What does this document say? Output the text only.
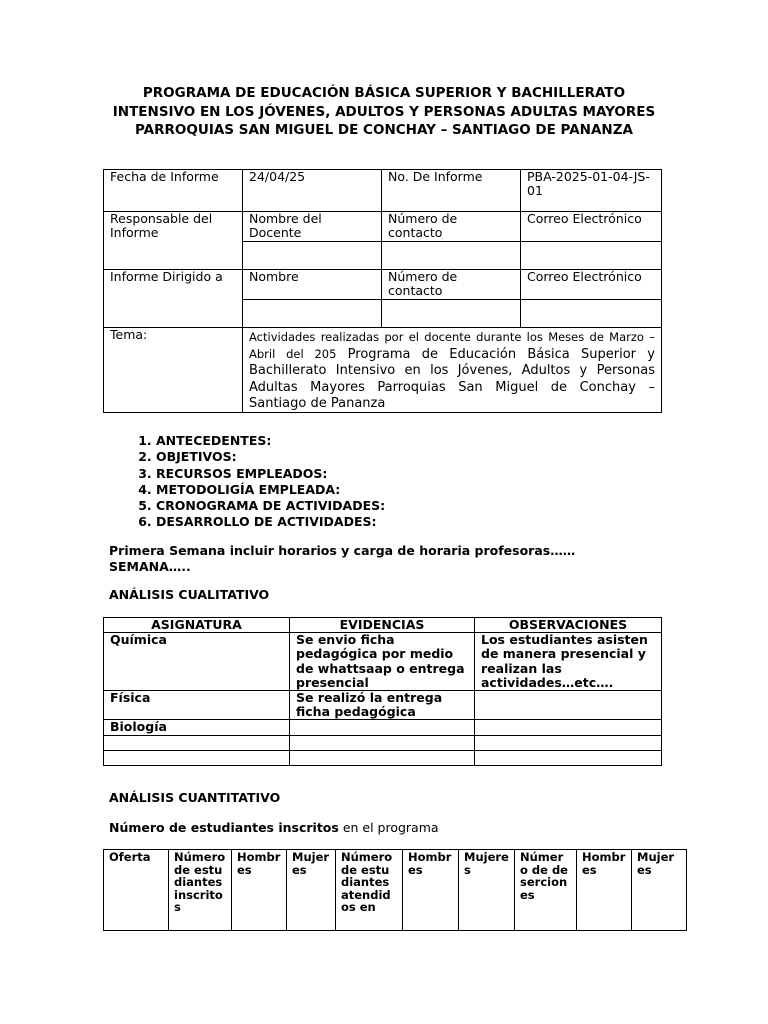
PROGRAMA DE EDUCACIÓN BÁSICA SUPERIOR Y BACHILLERATO INTENSIVO EN LOS JÓVENES, ADULTOS Y PERSONAS ADULTAS MAYORES PARROQUIAS SAN MIGUEL DE CONCHAY – SANTIAGO DE PANANZA
Fecha de Informe	24/04/25	No. De Informe	PBA-2025-01-04-JS-01
Responsable del Informe	Nombre del Docente	Número de contacto	Correo Electrónico

Informe Dirigido a	Nombre	Número de contacto	Correo Electrónico

Tema:	Actividades realizadas por el docente durante los Meses de Marzo – Abril del 205 Programa de Educación Básica Superior y Bachillerato Intensivo en los Jóvenes, Adultos y Personas Adultas Mayores Parroquias San Miguel de Conchay – Santiago de Pananza		
1. ANTECEDENTES:
2. OBJETIVOS:
3. RECURSOS EMPLEADOS:
4. METODOLIGÍA EMPLEADA:
5. CRONOGRAMA DE ACTIVIDADES:
6. DESARROLLO DE ACTIVIDADES:
Primera Semana incluir horarios y carga de horaria profesoras……
SEMANA…..
ANÁLISIS CUALITATIVO
ASIGNATURA	EVIDENCIAS	OBSERVACIONES
Química	Se envio ficha pedagógica por medio de whattsaap o entrega presencial	Los estudiantes asisten de manera presencial y realizan las actividades…etc….
Física	Se realizó la entrega ficha pedagógica	
Biología		

ANÁLISIS CUANTITATIVO
Número de estudiantes inscritos en el programa
Oferta	Número de estudiantes inscritos	Hombres	Mujeres	Número de estudiantes atendidos en	Hombres	Mujeres	Número de deserciones	Hombres	Mujeres
